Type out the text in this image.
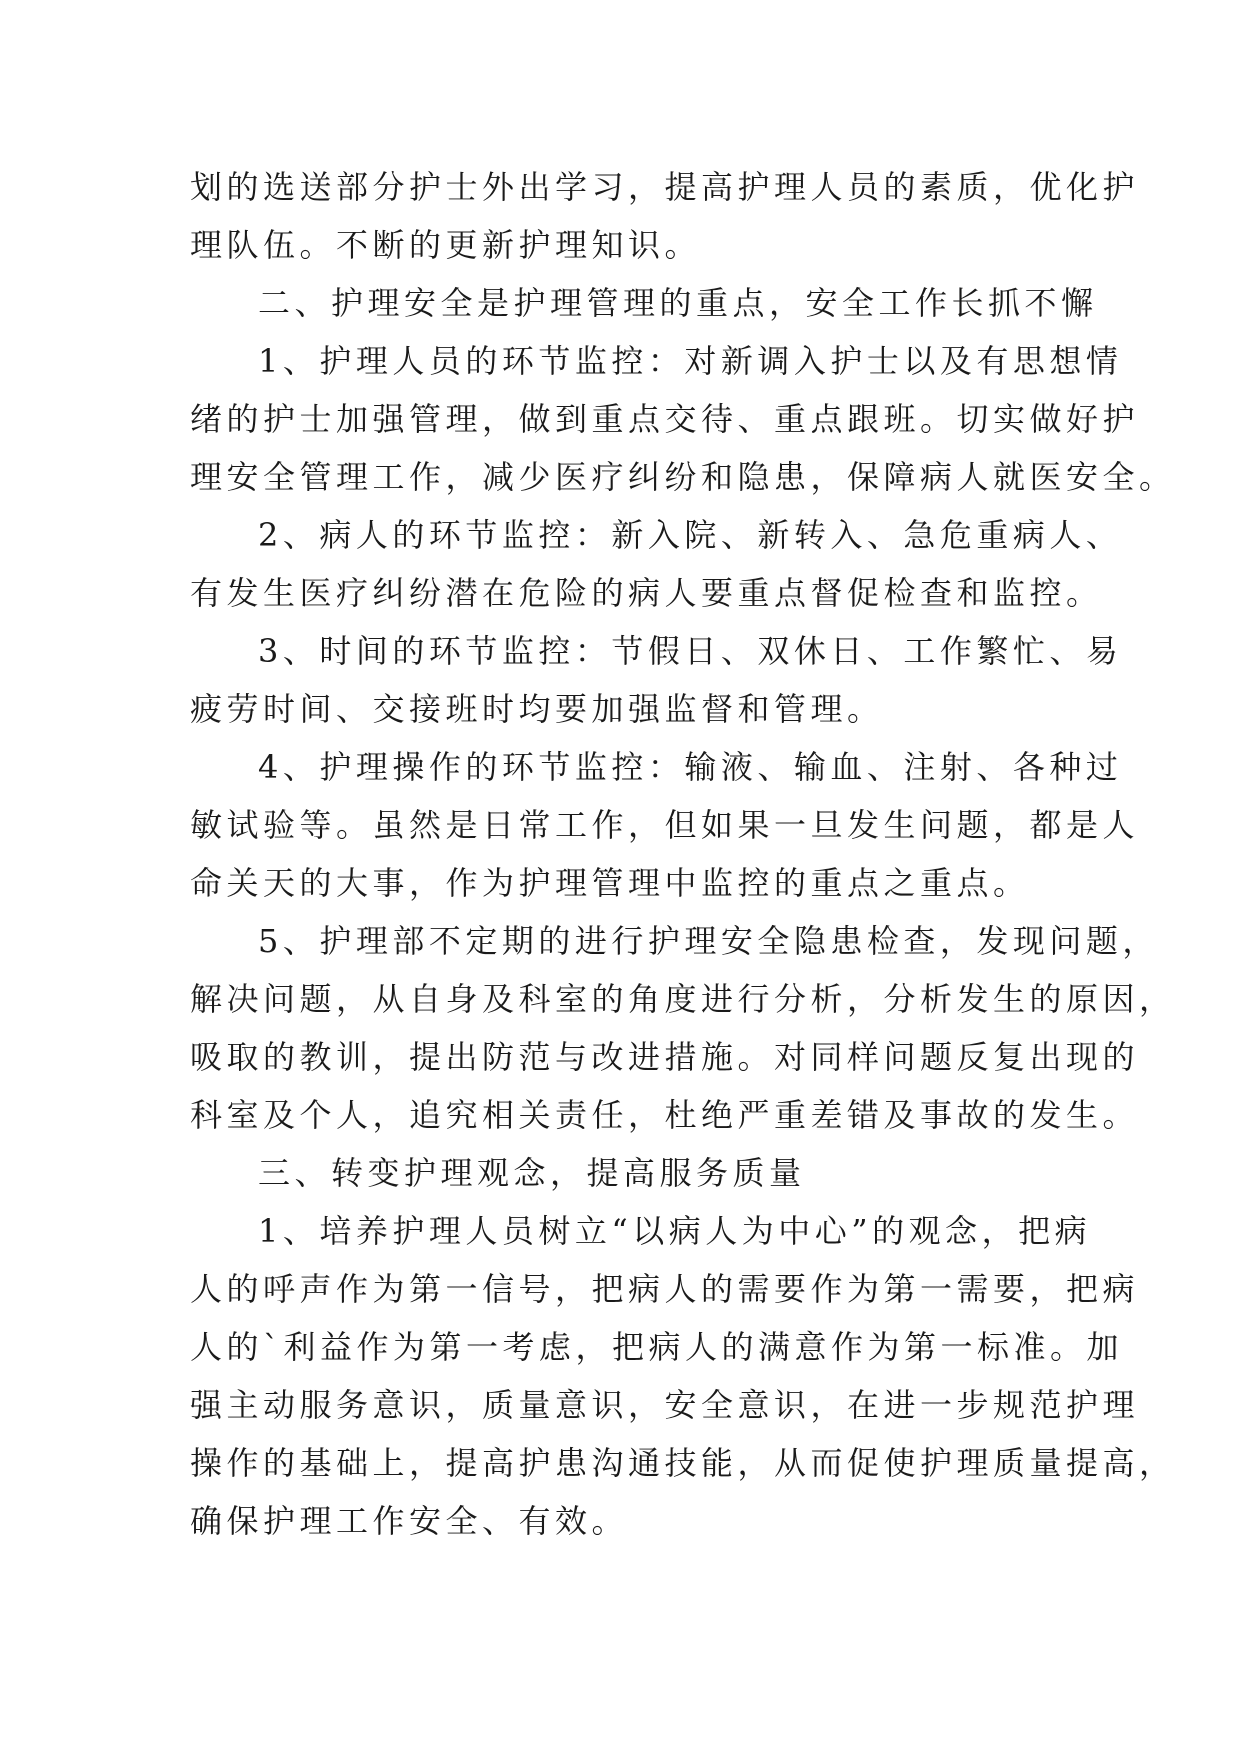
划的选送部分护士外出学习，提高护理人员的素质，优化护
理队伍。不断的更新护理知识。
二、护理安全是护理管理的重点，安全工作长抓不懈
1、护理人员的环节监控：对新调入护士以及有思想情
绪的护士加强管理，做到重点交待、重点跟班。切实做好护
理安全管理工作，减少医疗纠纷和隐患，保障病人就医安全。
2、病人的环节监控：新入院、新转入、急危重病人、
有发生医疗纠纷潜在危险的病人要重点督促检查和监控。
3、时间的环节监控：节假日、双休日、工作繁忙、易
疲劳时间、交接班时均要加强监督和管理。
4、护理操作的环节监控：输液、输血、注射、各种过
敏试验等。虽然是日常工作，但如果一旦发生问题，都是人
命关天的大事，作为护理管理中监控的重点之重点。
5、护理部不定期的进行护理安全隐患检查，发现问题，
解决问题，从自身及科室的角度进行分析，分析发生的原因，
吸取的教训，提出防范与改进措施。对同样问题反复出现的
科室及个人，追究相关责任，杜绝严重差错及事故的发生。
三、转变护理观念，提高服务质量
1、培养护理人员树立“以病人为中心”的观念，把病
人的呼声作为第一信号，把病人的需要作为第一需要，把病
人的`利益作为第一考虑，把病人的满意作为第一标准。加
强主动服务意识，质量意识，安全意识，在进一步规范护理
操作的基础上，提高护患沟通技能，从而促使护理质量提高，
确保护理工作安全、有效。
